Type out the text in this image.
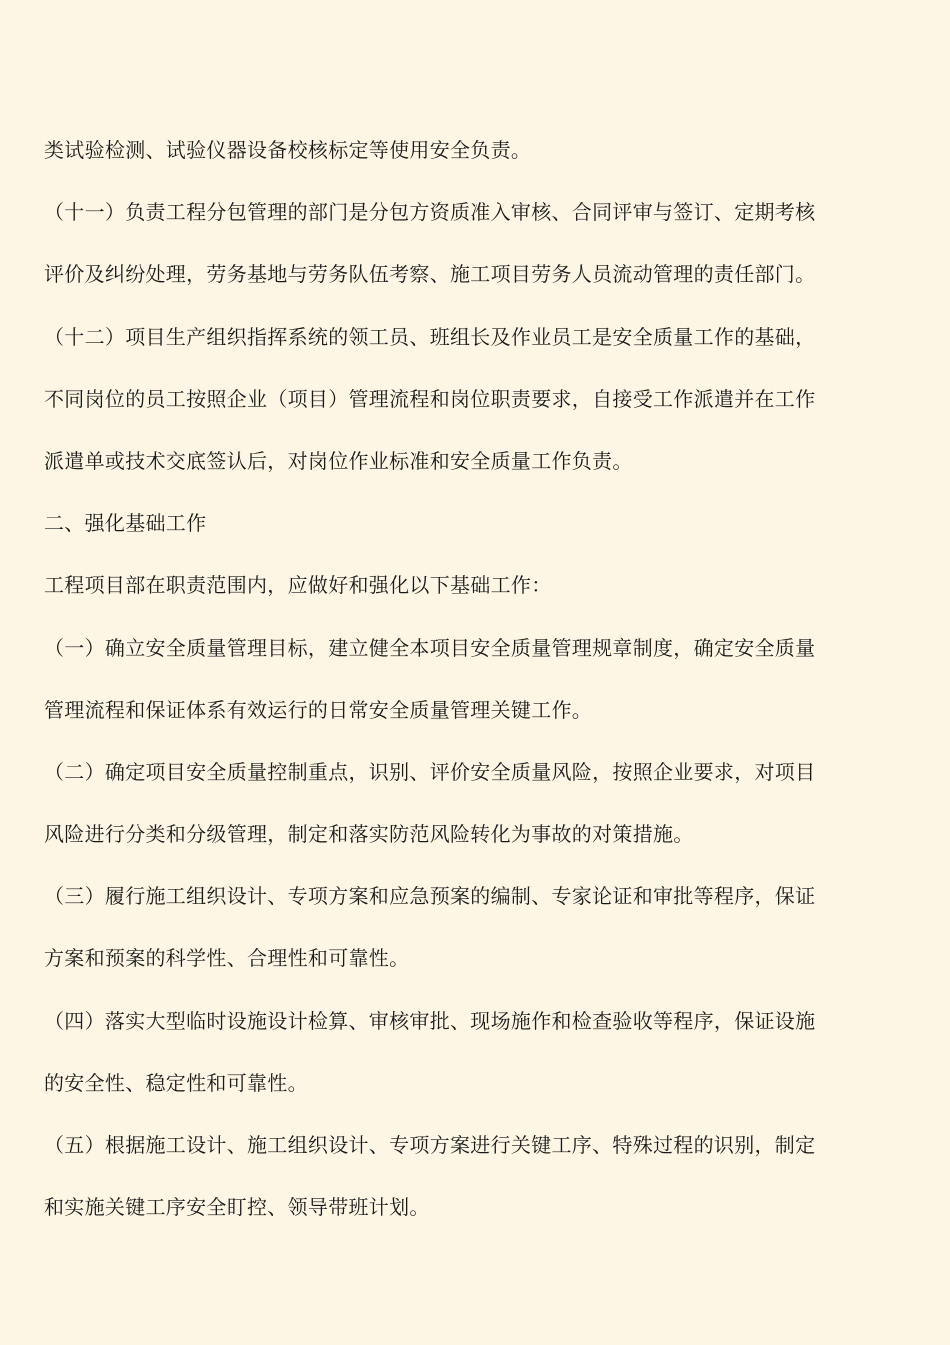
类试验检测、试验仪器设备校核标定等使用安全负责。
（十一）负责工程分包管理的部门是分包方资质准入审核、合同评审与签订、定期考核
评价及纠纷处理，劳务基地与劳务队伍考察、施工项目劳务人员流动管理的责任部门。
（十二）项目生产组织指挥系统的领工员、班组长及作业员工是安全质量工作的基础，
不同岗位的员工按照企业（项目）管理流程和岗位职责要求，自接受工作派遣并在工作
派遣单或技术交底签认后，对岗位作业标准和安全质量工作负责。
二、强化基础工作
工程项目部在职责范围内，应做好和强化以下基础工作：
（一）确立安全质量管理目标，建立健全本项目安全质量管理规章制度，确定安全质量
管理流程和保证体系有效运行的日常安全质量管理关键工作。
（二）确定项目安全质量控制重点，识别、评价安全质量风险，按照企业要求，对项目
风险进行分类和分级管理，制定和落实防范风险转化为事故的对策措施。
（三）履行施工组织设计、专项方案和应急预案的编制、专家论证和审批等程序，保证
方案和预案的科学性、合理性和可靠性。
（四）落实大型临时设施设计检算、审核审批、现场施作和检查验收等程序，保证设施
的安全性、稳定性和可靠性。
（五）根据施工设计、施工组织设计、专项方案进行关键工序、特殊过程的识别，制定
和实施关键工序安全盯控、领导带班计划。
